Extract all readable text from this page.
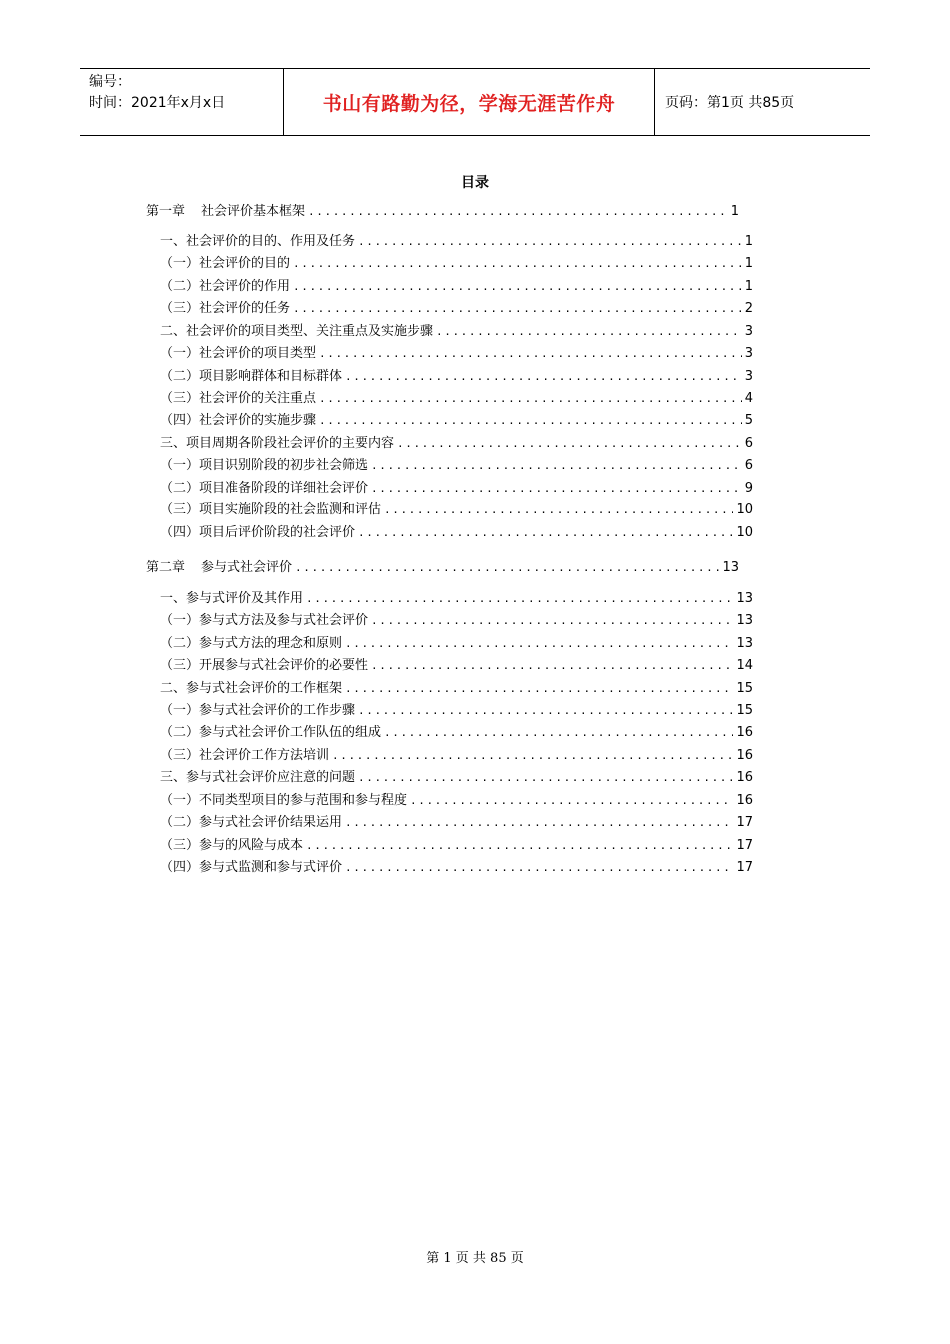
编号：
时间：2021年x月x日	书山有路勤为径，学海无涯苦作舟	页码：第1页 共85页
目录
第一章 社会评价基本框架 .....	1
一、社会评价的目的、作用及任务 .....	1
（一）社会评价的目的 .....	1
（二）社会评价的作用 .....	1
（三）社会评价的任务 .....	2
二、社会评价的项目类型、关注重点及实施步骤 .....	3
（一）社会评价的项目类型 .....	3
（二）项目影响群体和目标群体 .....	3
（三）社会评价的关注重点 .....	4
（四）社会评价的实施步骤 .....	5
三、项目周期各阶段社会评价的主要内容 .....	6
（一）项目识别阶段的初步社会筛选 .....	6
（二）项目准备阶段的详细社会评价 .....	9
（三）项目实施阶段的社会监测和评估 .....	10
（四）项目后评价阶段的社会评价 .....	10
第二章 参与式社会评价 .....	13
一、参与式评价及其作用 .....	13
（一）参与式方法及参与式社会评价 .....	13
（二）参与式方法的理念和原则 .....	13
（三）开展参与式社会评价的必要性 .....	14
二、参与式社会评价的工作框架 .....	15
（一）参与式社会评价的工作步骤 .....	15
（二）参与式社会评价工作队伍的组成 .....	16
（三）社会评价工作方法培训 .....	16
三、参与式社会评价应注意的问题 .....	16
（一）不同类型项目的参与范围和参与程度 .....	16
（二）参与式社会评价结果运用 .....	17
（三）参与的风险与成本 .....	17
（四）参与式监测和参与式评价 .....	17
第 1 页 共 85 页
